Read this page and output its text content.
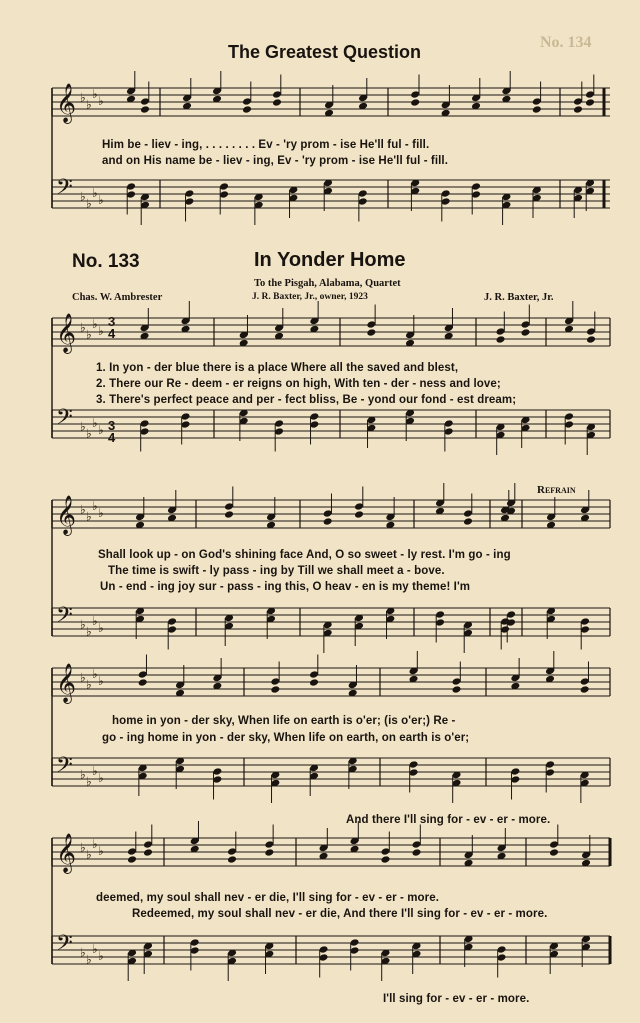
No. 134
𝄞 ♭ ♭
♭ ♭
𝄢 ♭ ♭
♭ ♭
𝄞 ♭ ♭
♭ ♭
𝄢 ♭ ♭
♭ ♭
𝄞 ♭ ♭
♭ ♭
𝄢 ♭ ♭
♭ ♭
𝄞 ♭ ♭
♭ ♭
𝄢 ♭ ♭
♭ ♭
𝄞 ♭ ♭
♭ ♭
𝄢 ♭ ♭
♭ ♭
The Greatest Question
Him be - liev - ing, . . . . . . . . Ev - 'ry prom - ise He'll ful - fill.
and on His name be - liev - ing, Ev - 'ry prom - ise He'll ful - fill.
No. 133	In Yonder Home
To the Pisgah, Alabama, Quartet
Chas. W. Ambrester	J. R. Baxter, Jr., owner, 1923	J. R. Baxter, Jr.
1. In yon - der blue there is a place Where all the saved and blest,
2. There our Re - deem - er reigns on high, With ten - der - ness and love;
3. There's perfect peace and per - fect bliss, Be - yond our fond - est dream;
Refrain
Shall look up - on God's shining face And, O so sweet - ly rest. I'm go - ing
The time is swift - ly pass - ing by Till we shall meet a - bove.
Un - end - ing joy sur - pass - ing this, O heav - en is my theme! I'm
home in yon - der sky, When life on earth is o'er; (is o'er;) Re -
go - ing home in yon - der sky, When life on earth, on earth is o'er;
And there I'll sing for - ev - er - more.
deemed, my soul shall nev - er die, I'll sing for - ev - er - more.
Redeemed, my soul shall nev - er die, And there I'll sing for - ev - er - more.
I'll sing for - ev - er - more.
3
4
3
4
